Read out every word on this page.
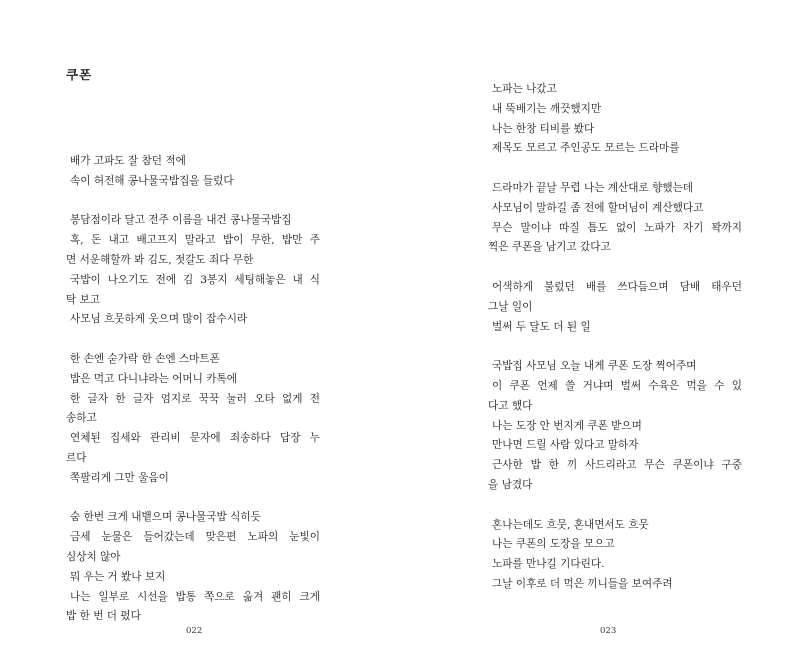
쿠폰
배가 고파도 잘 참던 적에
속이 허전해 콩나물국밥집을 들렀다
봉담점이라 달고 전주 이름을 내건 콩나물국밥집
혹, 돈 내고 배고프지 말라고 밥이 무한, 밥만 주
면 서운해할까 봐 김도, 젓갈도 죄다 무한
국밥이 나오기도 전에 김 3봉지 세팅해놓은 내 식
탁 보고
사모님 흐뭇하게 웃으며 많이 잡수시라
한 손엔 숟가락 한 손엔 스마트폰
밥은 먹고 다니냐라는 어머니 카톡에
한 글자 한 글자 엄지로 꾹꾹 눌러 오타 없게 전
송하고
연체된 집세와 관리비 문자에 죄송하다 답장 누
르다
쪽팔리게 그만 울음이
숨 한번 크게 내뱉으며 콩나물국밥 식히듯
금세 눈물은 들어갔는데 맞은편 노파의 눈빛이
심상치 않아
뭐 우는 거 봤나 보지
나는 일부로 시선을 밥통 쪽으로 옮겨 괜히 크게
밥 한 번 더 펐다
022
노파는 나갔고
내 뚝배기는 깨끗했지만
나는 한창 티비를 봤다
제목도 모르고 주인공도 모르는 드라마를
드라마가 끝날 무렵 나는 계산대로 향했는데
사모님이 말하길 좀 전에 할머님이 계산했다고
무슨 말이냐 따질 틈도 없이 노파가 자기 꽉까지
찍은 쿠폰을 남기고 갔다고
어색하게 불렀던 배를 쓰다듬으며 담배 태우던
그날 일이
벌써 두 달도 더 된 일
국밥집 사모님 오늘 내게 쿠폰 도장 찍어주며
이 쿠폰 언제 쓸 거냐며 벌써 수육은 먹을 수 있
다고 했다
나는 도장 안 번지게 쿠폰 받으며
만나면 드릴 사람 있다고 말하자
근사한 밥 한 끼 사드리라고 무슨 쿠폰이냐 구중
을 남겼다
혼나는데도 흐뭇, 혼내면서도 흐뭇
나는 쿠폰의 도장을 모으고
노파를 만나길 기다린다.
그날 이후로 더 먹은 끼니들을 보여주려
023
